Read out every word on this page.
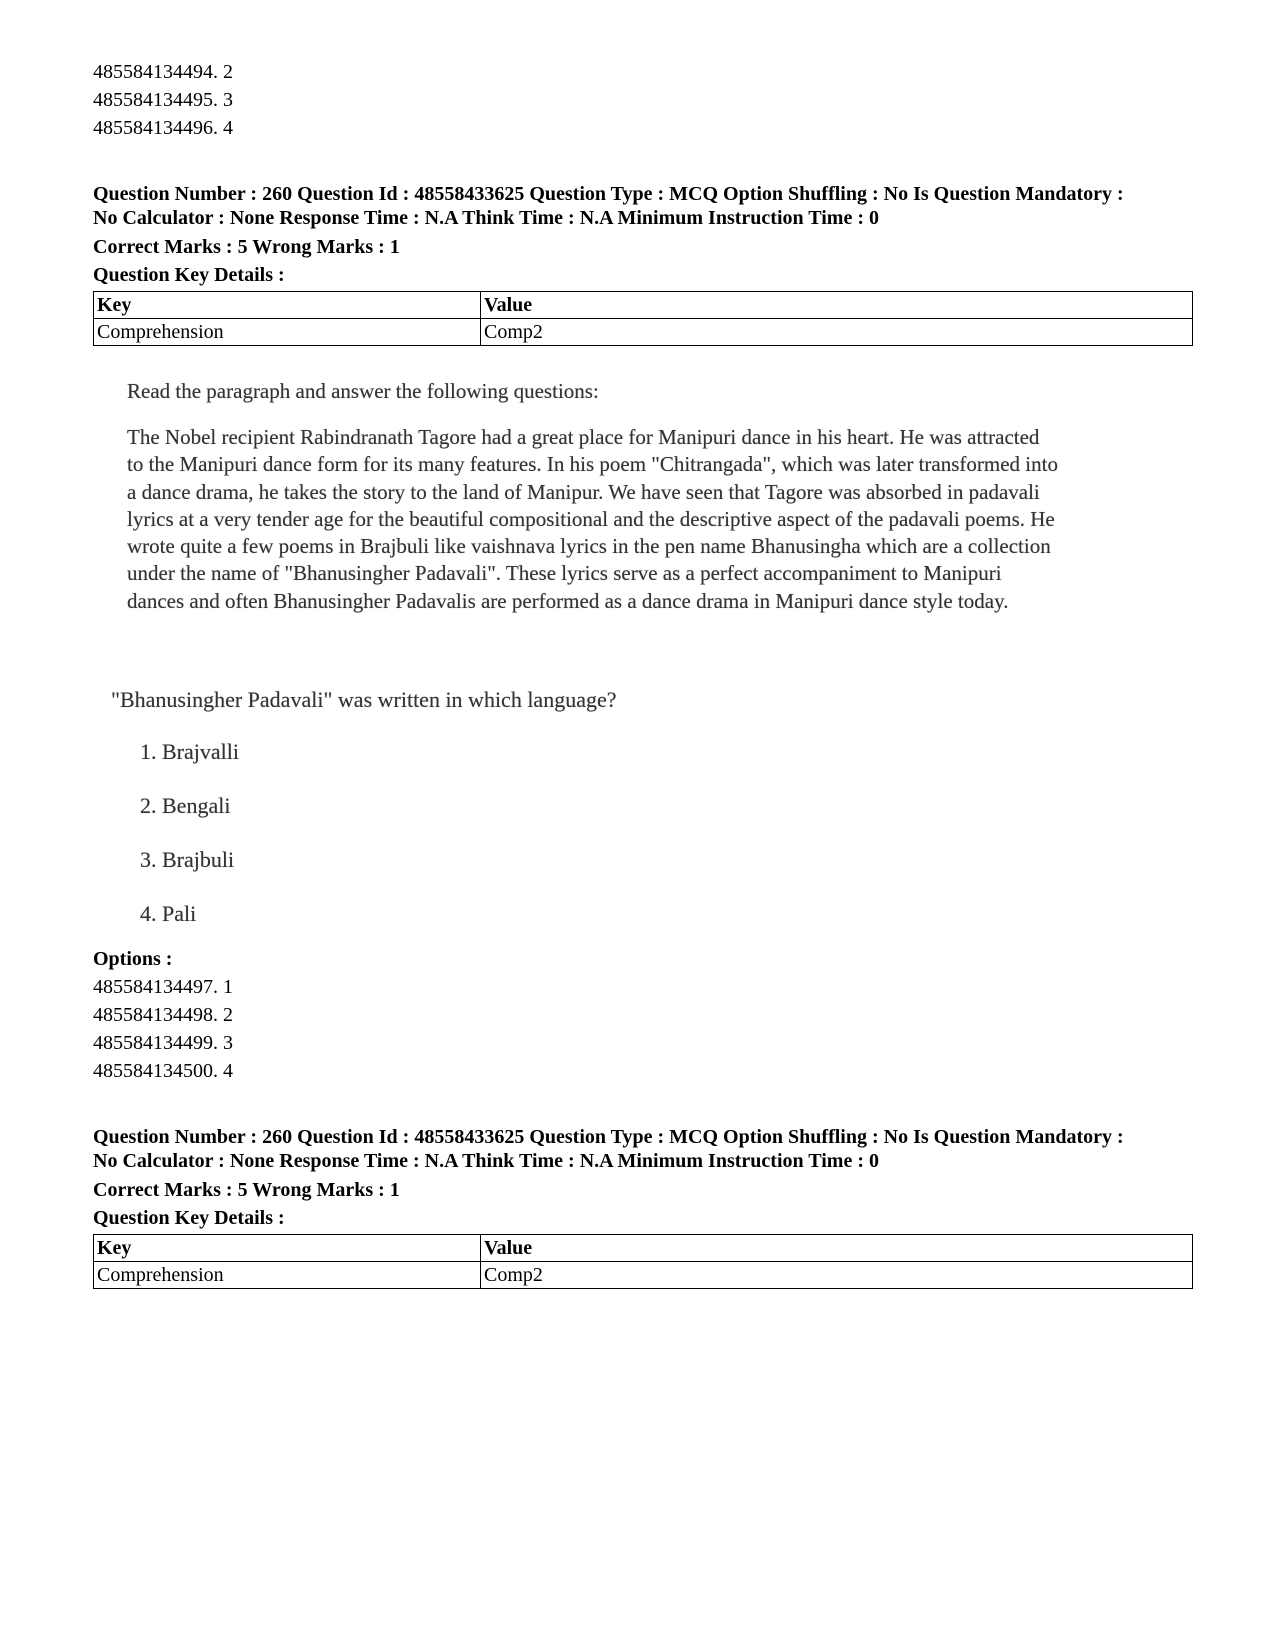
485584134494. 2
485584134495. 3
485584134496. 4
Question Number : 260 Question Id : 48558433625 Question Type : MCQ Option Shuffling : No Is Question Mandatory :
No Calculator : None Response Time : N.A Think Time : N.A Minimum Instruction Time : 0
Correct Marks : 5 Wrong Marks : 1
Question Key Details :
Key	Value
Comprehension	Comp2
Read the paragraph and answer the following questions:
The Nobel recipient Rabindranath Tagore had a great place for Manipuri dance in his heart. He was attracted
to the Manipuri dance form for its many features. In his poem "Chitrangada", which was later transformed into
a dance drama, he takes the story to the land of Manipur. We have seen that Tagore was absorbed in padavali
lyrics at a very tender age for the beautiful compositional and the descriptive aspect of the padavali poems. He
wrote quite a few poems in Brajbuli like vaishnava lyrics in the pen name Bhanusingha which are a collection
under the name of "Bhanusingher Padavali". These lyrics serve as a perfect accompaniment to Manipuri
dances and often Bhanusingher Padavalis are performed as a dance drama in Manipuri dance style today.
"Bhanusingher Padavali" was written in which language?
1. Brajvalli
2. Bengali
3. Brajbuli
4. Pali
Options :
485584134497. 1
485584134498. 2
485584134499. 3
485584134500. 4
Question Number : 260 Question Id : 48558433625 Question Type : MCQ Option Shuffling : No Is Question Mandatory :
No Calculator : None Response Time : N.A Think Time : N.A Minimum Instruction Time : 0
Correct Marks : 5 Wrong Marks : 1
Question Key Details :
Key	Value
Comprehension	Comp2
